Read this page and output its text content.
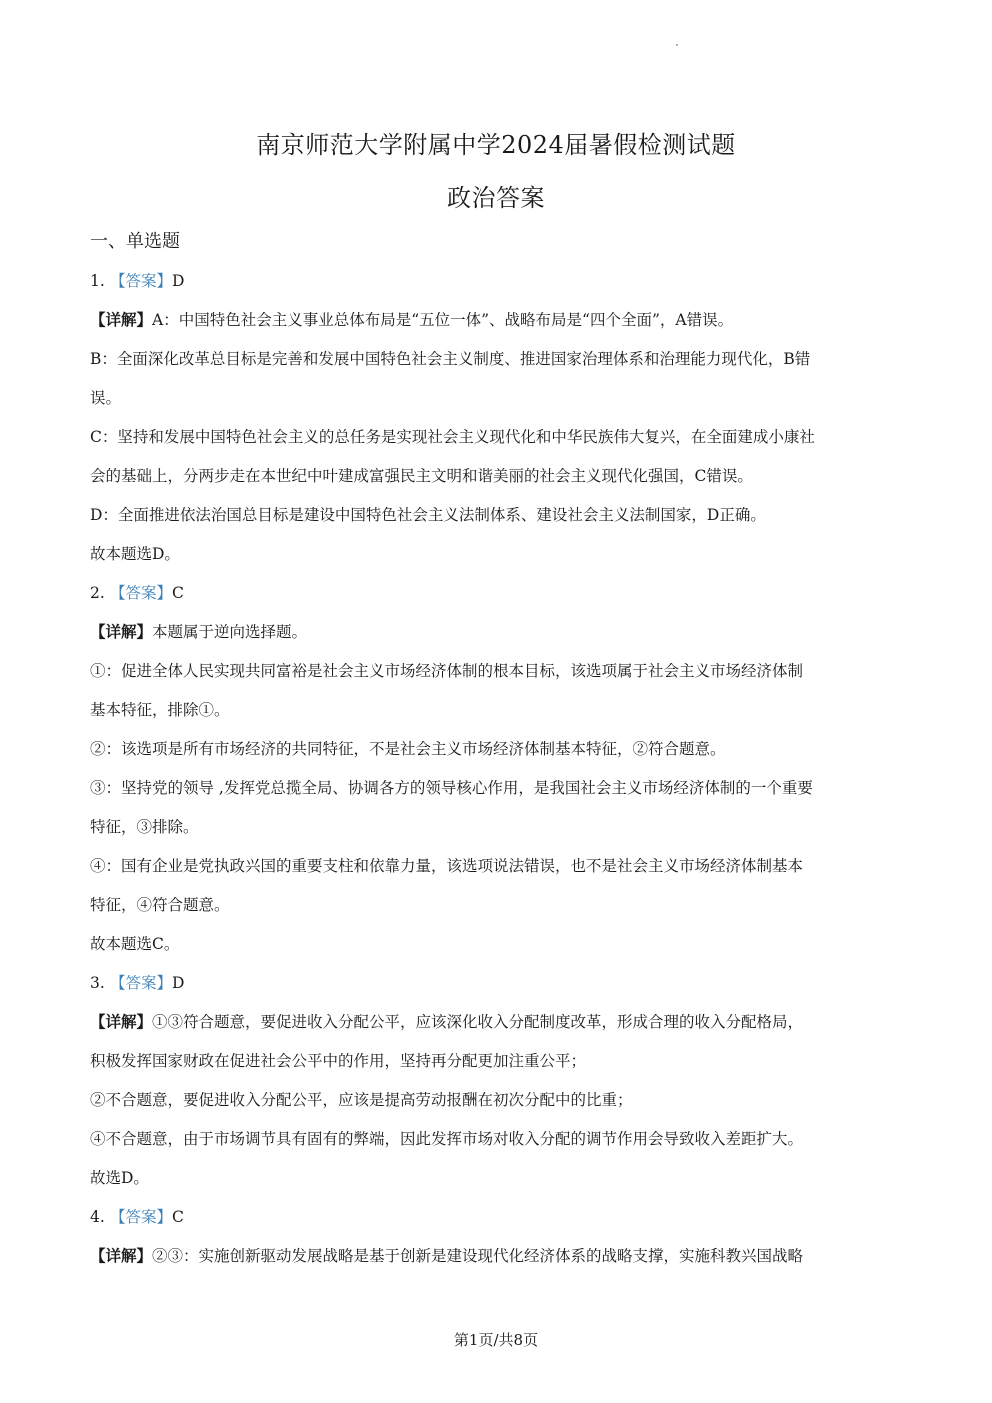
南京师范大学附属中学2024届暑假检测试题
政治答案
一、单选题
1. 【答案】D
【详解】A：中国特色社会主义事业总体布局是“五位一体”、战略布局是“四个全面”，A错误。
B：全面深化改革总目标是完善和发展中国特色社会主义制度、推进国家治理体系和治理能力现代化，B错
误。
C：坚持和发展中国特色社会主义的总任务是实现社会主义现代化和中华民族伟大复兴，在全面建成小康社
会的基础上，分两步走在本世纪中叶建成富强民主文明和谐美丽的社会主义现代化强国，C错误。
D：全面推进依法治国总目标是建设中国特色社会主义法制体系、建设社会主义法制国家，D正确。
故本题选D。
2. 【答案】C
【详解】本题属于逆向选择题。
①：促进全体人民实现共同富裕是社会主义市场经济体制的根本目标，该选项属于社会主义市场经济体制
基本特征，排除①。
②：该选项是所有市场经济的共同特征，不是社会主义市场经济体制基本特征，②符合题意。
③：坚持党的领导 ,发挥党总揽全局、协调各方的领导核心作用，是我国社会主义市场经济体制的一个重要
特征，③排除。
④：国有企业是党执政兴国的重要支柱和依靠力量，该选项说法错误，也不是社会主义市场经济体制基本
特征，④符合题意。
故本题选C。
3. 【答案】D
【详解】①③符合题意，要促进收入分配公平，应该深化收入分配制度改革，形成合理的收入分配格局，
积极发挥国家财政在促进社会公平中的作用，坚持再分配更加注重公平；
②不合题意，要促进收入分配公平，应该是提高劳动报酬在初次分配中的比重；
④不合题意，由于市场调节具有固有的弊端，因此发挥市场对收入分配的调节作用会导致收入差距扩大。
故选D。
4. 【答案】C
【详解】②③：实施创新驱动发展战略是基于创新是建设现代化经济体系的战略支撑，实施科教兴国战略
第1页/共8页
